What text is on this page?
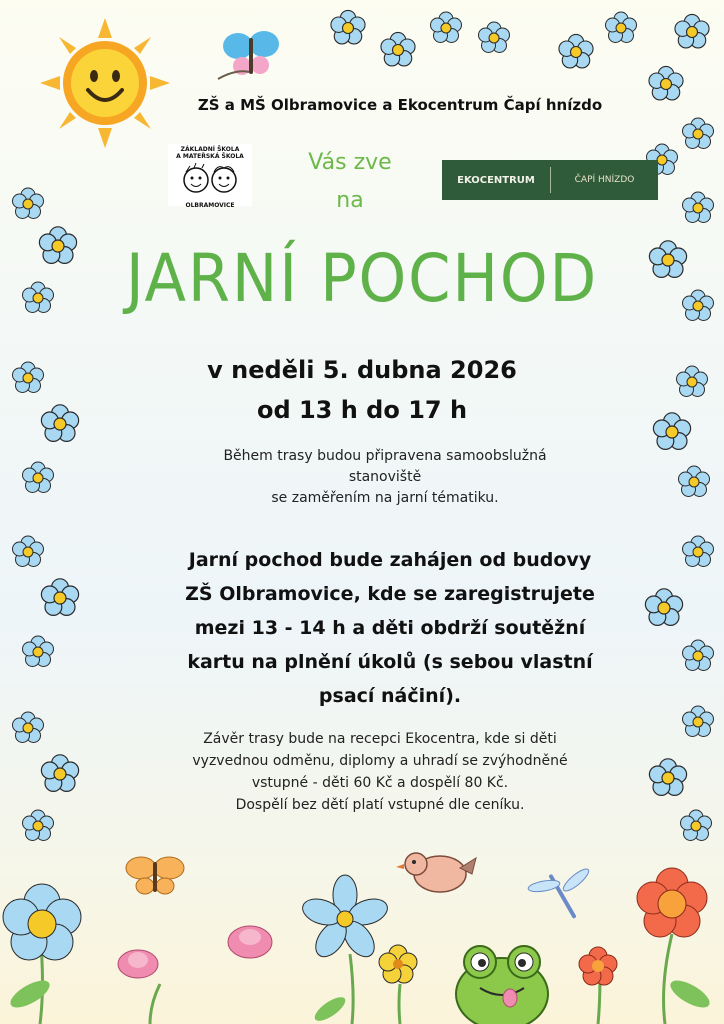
ZŠ a MŠ Olbramovice a Ekocentrum Čapí hnízdo
ZÁKLADNÍ ŠKOLA
A MATEŘSKÁ ŠKOLA
OLBRAMOVICE
Vás zve
na
EKOCENTRUM	ČAPÍ HNÍZDO
JARNÍ POCHOD
v neděli 5. dubna 2026
od 13 h do 17 h
Během trasy budou připravena samoobslužná
stanoviště
se zaměřením na jarní tématiku.
Jarní pochod bude zahájen od budovy
ZŠ Olbramovice, kde se zaregistrujete
mezi 13 - 14 h a děti obdrží soutěžní
kartu na plnění úkolů (s sebou vlastní
psací náčiní).
Závěr trasy bude na recepci Ekocentra, kde si děti
vyzvednou odměnu, diplomy a uhradí se zvýhodněné
vstupné - děti 60 Kč a dospělí 80 Kč.
Dospělí bez dětí platí vstupné dle ceníku.
